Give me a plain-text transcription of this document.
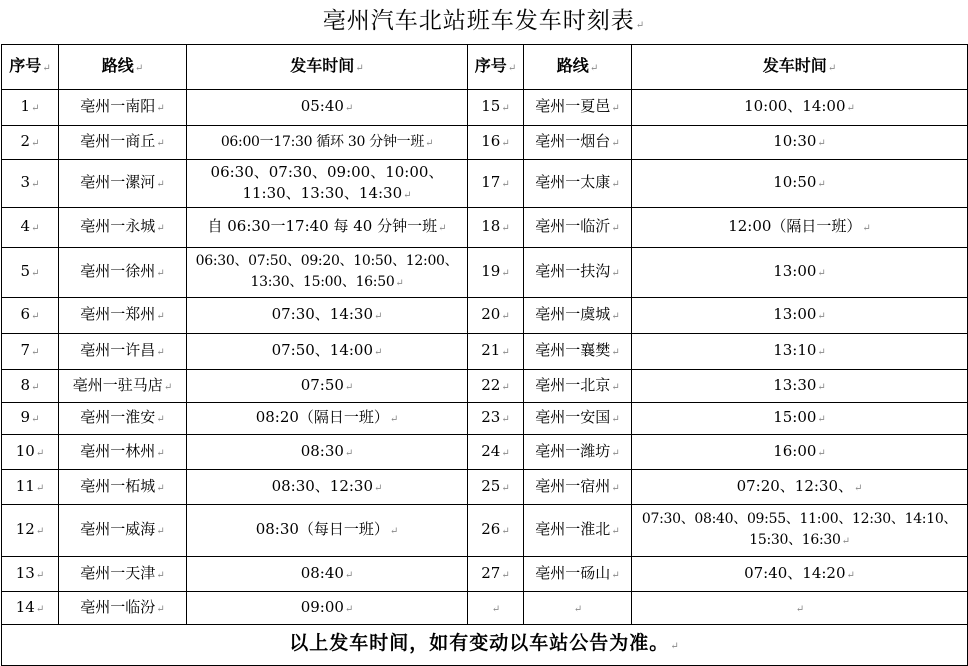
亳州汽车北站班车发车时刻表↵
序号↵	路线↵	发车时间↵	序号↵	路线↵	发车时间↵
1↵	亳州一南阳↵	05:40↵	15↵	亳州一夏邑↵	10:00、14:00↵
2↵	亳州一商丘↵	06:00一17:30 循环 30 分钟一班↵	16↵	亳州一烟台↵	10:30↵
3↵	亳州一漯河↵	06:30、07:30、09:00、10:00、11:30、13:30、14:30↵	17↵	亳州一太康↵	10:50↵
4↵	亳州一永城↵	自 06:30一17:40 每 40 分钟一班↵	18↵	亳州一临沂↵	12:00（隔日一班）↵
5↵	亳州一徐州↵	06:30、07:50、09:20、10:50、12:00、13:30、15:00、16:50↵	19↵	亳州一扶沟↵	13:00↵
6↵	亳州一郑州↵	07:30、14:30↵	20↵	亳州一虞城↵	13:00↵
7↵	亳州一许昌↵	07:50、14:00↵	21↵	亳州一襄樊↵	13:10↵
8↵	亳州一驻马店↵	07:50↵	22↵	亳州一北京↵	13:30↵
9↵	亳州一淮安↵	08:20（隔日一班）↵	23↵	亳州一安国↵	15:00↵
10↵	亳州一林州↵	08:30↵	24↵	亳州一潍坊↵	16:00↵
11↵	亳州一柘城↵	08:30、12:30↵	25↵	亳州一宿州↵	07:20、12:30、↵
12↵	亳州一威海↵	08:30（每日一班）↵	26↵	亳州一淮北↵	07:30、08:40、09:55、11:00、12:30、14:10、15:30、16:30↵
13↵	亳州一天津↵	08:40↵	27↵	亳州一砀山↵	07:40、14:20↵
14↵	亳州一临汾↵	09:00↵	↵	↵	↵
以上发车时间，如有变动以车站公告为准。↵					
